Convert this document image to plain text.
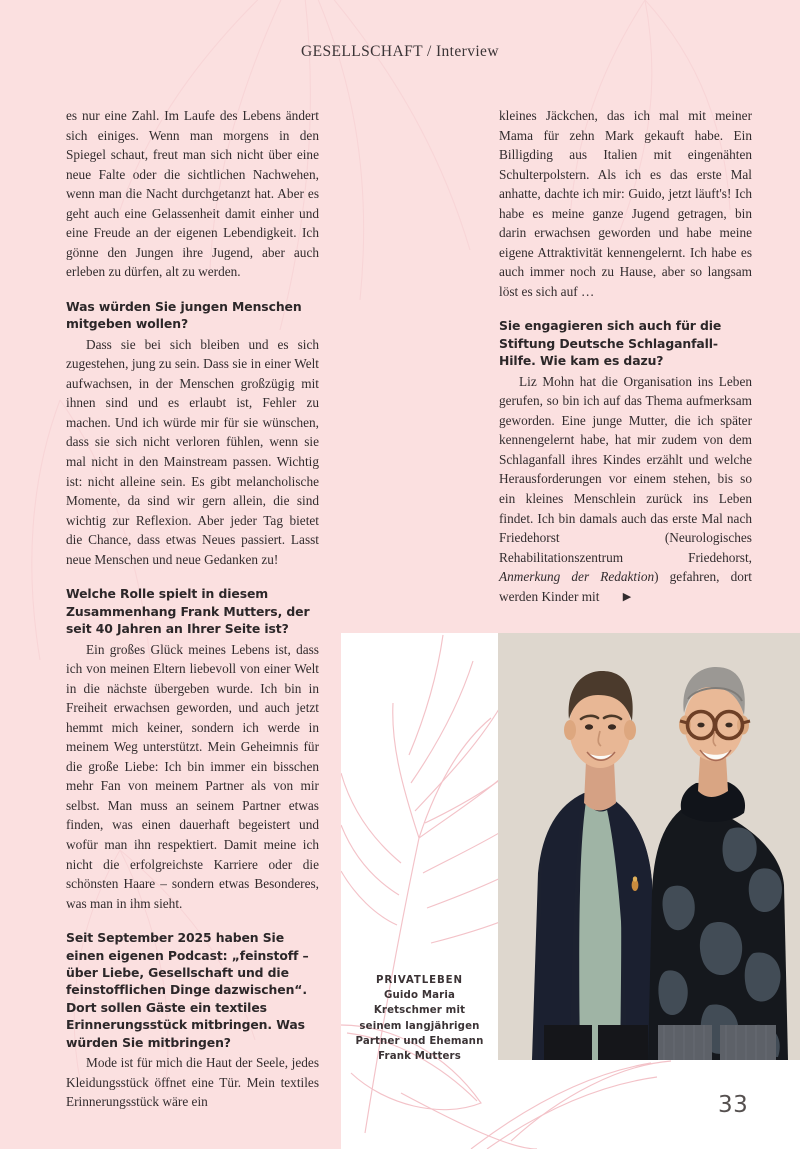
GESELLSCHAFT / Interview

es nur eine Zahl. Im Laufe des Lebens ändert sich einiges. Wenn man morgens in den Spiegel schaut, freut man sich nicht über eine neue Falte oder die sichtlichen Nachwehen, wenn man die Nacht durchgetanzt hat. Aber es geht auch eine Gelassenheit damit einher und eine Freude an der eigenen Lebendigkeit. Ich gönne den Jungen ihre Jugend, aber auch erleben zu dürfen, alt zu werden.

Was würden Sie jungen Menschen mitgeben wollen?

Dass sie bei sich bleiben und es sich zugestehen, jung zu sein. Dass sie in einer Welt aufwachsen, in der Menschen großzügig mit ihnen sind und es erlaubt ist, Fehler zu machen. Und ich würde mir für sie wünschen, dass sie sich nicht verloren fühlen, wenn sie mal nicht in den Mainstream passen. Wichtig ist: nicht alleine sein. Es gibt melancholische Momente, da sind wir gern allein, die sind wichtig zur Reflexion. Aber jeder Tag bietet die Chance, dass etwas Neues passiert. Lasst neue Menschen und neue Gedanken zu!

Welche Rolle spielt in diesem Zusammenhang Frank Mutters, der seit 40 Jahren an Ihrer Seite ist?

Ein großes Glück meines Lebens ist, dass ich von meinen Eltern liebevoll von einer Welt in die nächste übergeben wurde. Ich bin in Freiheit erwachsen geworden, und auch jetzt hemmt mich keiner, sondern ich werde in meinem Weg unterstützt. Mein Geheimnis für die große Liebe: Ich bin immer ein bisschen mehr Fan von meinem Partner als von mir selbst. Man muss an seinem Partner etwas finden, was einen dauerhaft begeistert und wofür man ihn respektiert. Damit meine ich nicht die erfolgreichste Karriere oder die schönsten Haare – sondern etwas Besonderes, was man in ihm sieht.

Seit September 2025 haben Sie einen eigenen Podcast: „feinstoff – über Liebe, Gesellschaft und die feinstofflichen Dinge dazwischen“. Dort sollen Gäste ein textiles Erinnerungsstück mitbringen. Was würden Sie mitbringen?

Mode ist für mich die Haut der Seele, jedes Kleidungsstück öffnet eine Tür. Mein textiles Erinnerungsstück wäre ein

kleines Jäckchen, das ich mal mit meiner Mama für zehn Mark gekauft habe. Ein Billigding aus Italien mit eingenähten Schulterpolstern. Als ich es das erste Mal anhatte, dachte ich mir: Guido, jetzt läuft's! Ich habe es meine ganze Jugend getragen, bin darin erwachsen geworden und habe meine eigene Attraktivität kennengelernt. Ich habe es auch immer noch zu Hause, aber so langsam löst es sich auf …

Sie engagieren sich auch für die Stiftung Deutsche Schlaganfall-Hilfe. Wie kam es dazu?

Liz Mohn hat die Organisation ins Leben gerufen, so bin ich auf das Thema aufmerksam geworden. Eine junge Mutter, die ich später kennengelernt habe, hat mir zudem von dem Schlaganfall ihres Kindes erzählt und welche Herausforderungen vor einem stehen, bis so ein kleines Menschlein zurück ins Leben findet. Ich bin damals auch das erste Mal nach Friedehorst (Neurologisches Rehabilitationszentrum Friedehorst, Anmerkung der Redaktion) gefahren, dort werden Kinder mit ▶

PRIVATLEBEN
Guido Maria
Kretschmer mit
seinem langjährigen
Partner und Ehemann
Frank Mutters
33
